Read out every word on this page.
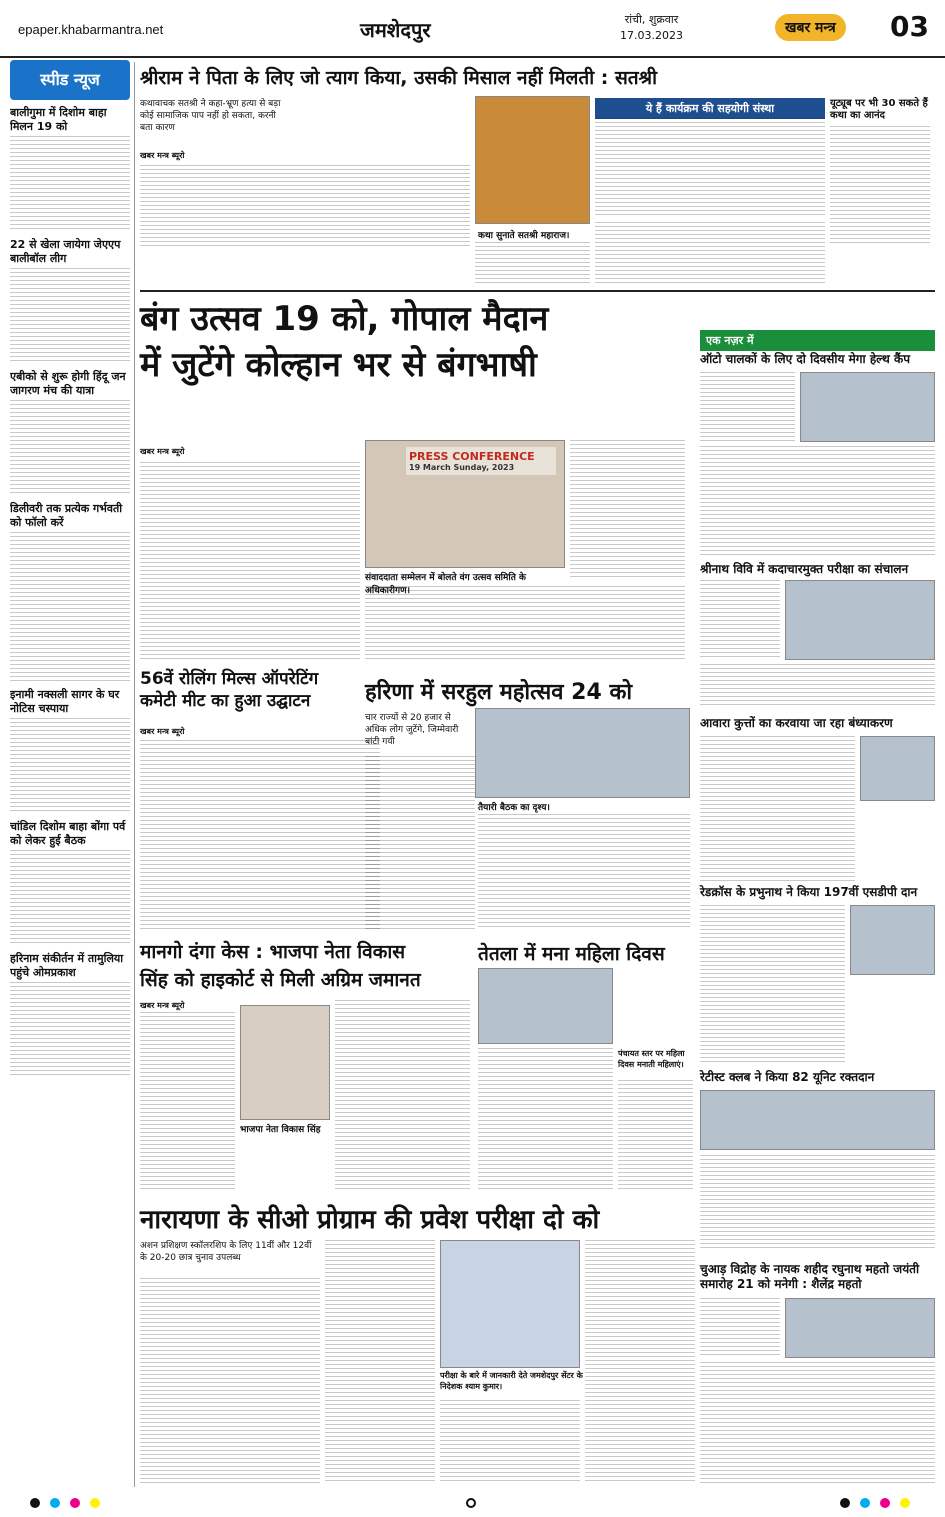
epaper.khabarmantra.net	जमशेदपुर	रांची, शुक्रवार
17.03.2023	खबर मन्त्र	03
स्पीड न्यूज
बालीगुमा में दिशोम बाहा मिलन 19 को
22 से खेला जायेगा जेएएप बालीबॉल लीग
एबीको से शुरू होगी हिंदू जन जागरण मंच की यात्रा
डिलीवरी तक प्रत्येक गर्भवती को फॉलो करें
इनामी नक्सली सागर के घर नोटिस चस्पाया
चांडिल दिशोम बाहा बोंगा पर्व को लेकर हुई बैठक
हरिनाम संकीर्तन में तामुलिया पहुंचे ओमप्रकाश
श्रीराम ने पिता के लिए जो त्याग किया, उसकी मिसाल नहीं मिलती : सतश्री
कथावाचक सतश्री ने कहा-भ्रूण हत्या से बड़ा कोई सामाजिक पाप नहीं हो सकता, करनी बता कारण
खबर मन्त्र ब्यूरो
कथा सुनाते सतश्री महाराज।
ये हैं कार्यक्रम की सहयोगी संस्था	यूट्यूब पर भी 30 सकते हैं कथा का आनंद
बंग उत्सव 19 को, गोपाल मैदान
में जुटेंगे कोल्हान भर से बंगभाषी
खबर मन्त्र ब्यूरो	PRESS CONFERENCE
19 March Sunday, 2023
संवाददाता सम्मेलन में बोलते वंग उत्सव समिति के अधिकारीगण।
एक नज़र में
ऑटो चालकों के लिए दो दिवसीय मेगा हेल्थ कैंप
श्रीनाथ विवि में कदाचारमुक्त परीक्षा का संचालन
56वें रोलिंग मिल्स ऑपरेटिंग कमेटी मीट का हुआ उद्घाटन
खबर मन्त्र ब्यूरो
हरिणा में सरहुल महोत्सव 24 को
चार राज्यों से 20 हजार से अधिक लोग जुटेंगे, जिम्मेवारी बांटी गयी
तैयारी बैठक का दृश्य।
आवारा कुत्तों का करवाया जा रहा बंध्याकरण
रेडक्रॉस के प्रभुनाथ ने किया 197वीं एसडीपी दान
मानगो दंगा केस : भाजपा नेता विकास
सिंह को हाइकोर्ट से मिली अग्रिम जमानत
खबर मन्त्र ब्यूरो
भाजपा नेता विकास सिंह
तेतला में मना महिला दिवस
पंचायत स्तर पर महिला दिवस मनाती महिलाएं।
रेटीस्ट क्लब ने किया 82 यूनिट रक्तदान
नारायणा के सीओ प्रोग्राम की प्रवेश परीक्षा दो को
अशन प्रशिक्षण स्कॉलरशिप के लिए 11वीं और 12वीं के 20-20 छात्र चुनाव उपलब्ध
परीक्षा के बारे में जानकारी देते जमशेदपुर सेंटर के निदेशक श्याम कुमार।
चुआड़ विद्रोह के नायक शहीद रघुनाथ महतो जयंती समारोह 21 को मनेगी : शैलेंद्र महतो
